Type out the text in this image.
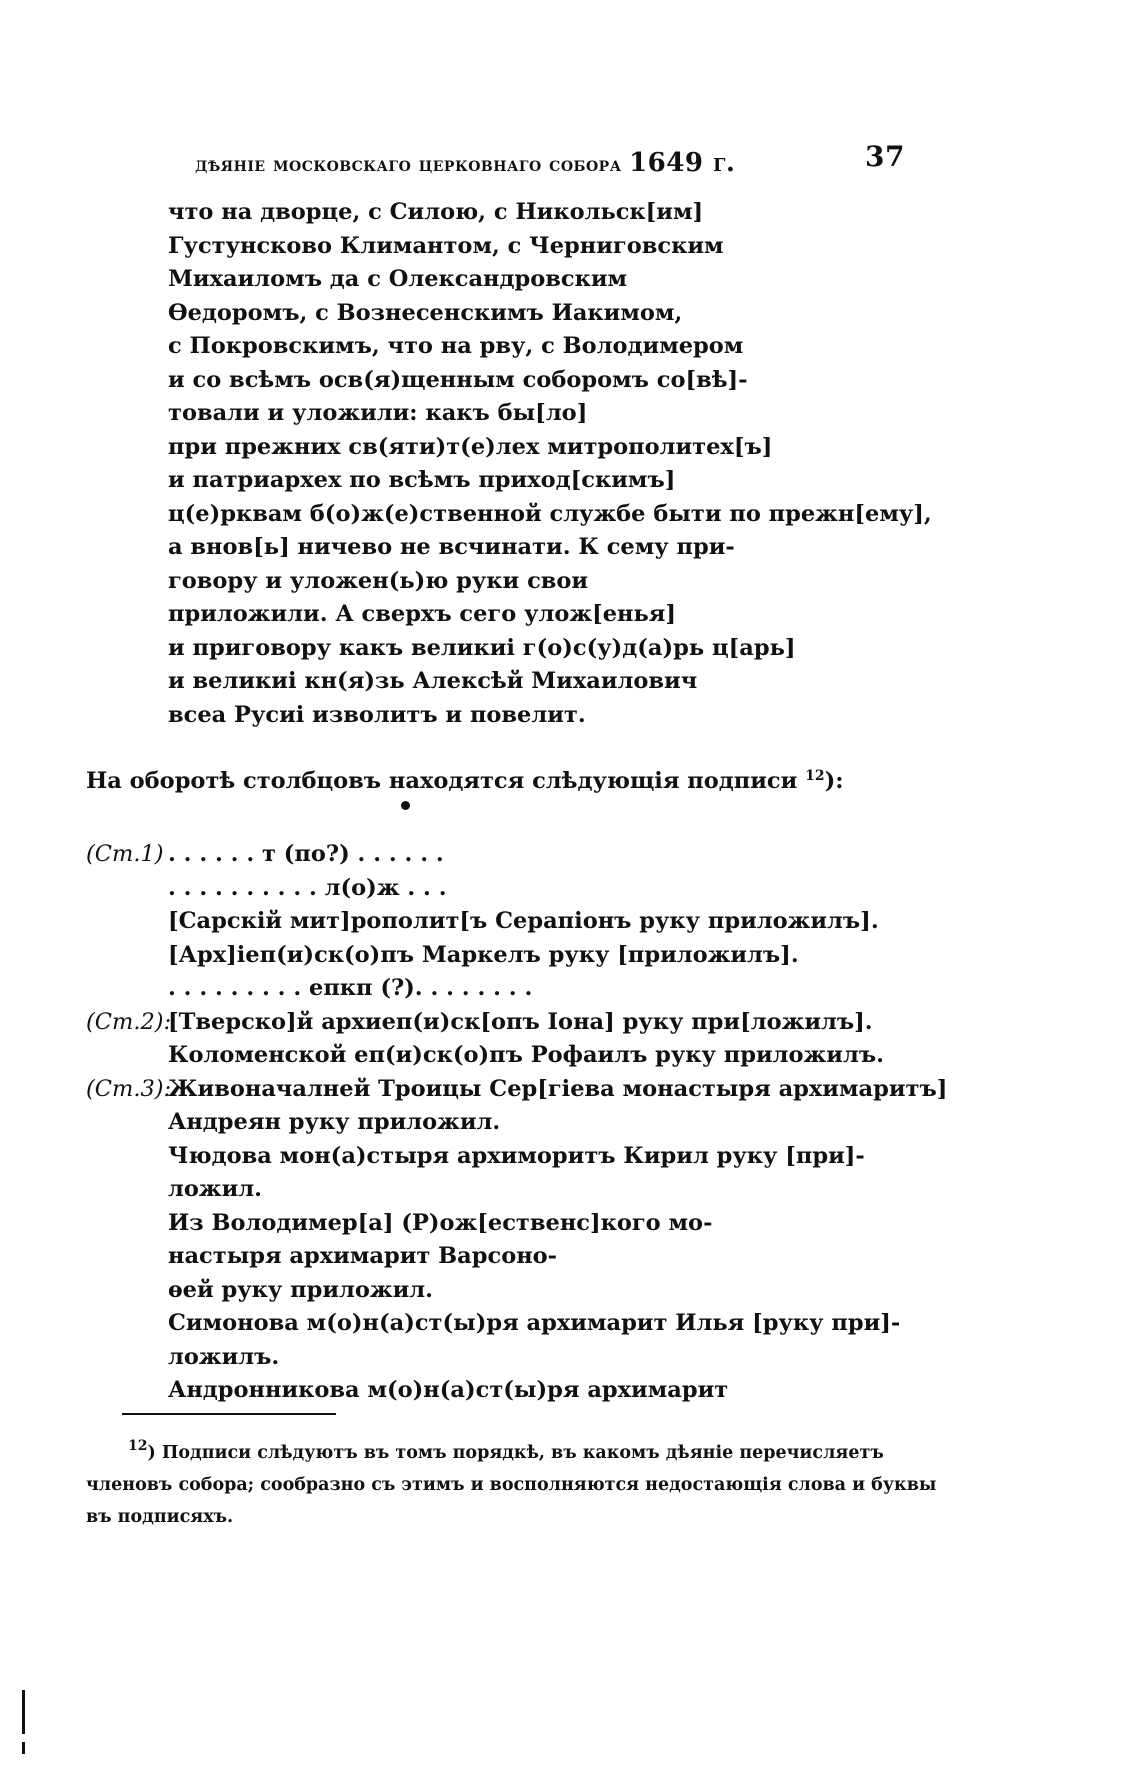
дѣяніе московскаго церковнаго собора 1649 г.	37
что на дворце, с Силою, с Никольск[им]
Густунсково Климантом, с Черниговским
Михаиломъ да с Олександровским
Ѳедоромъ, с Вознесенскимъ Иакимом,
с Покровскимъ, что на рву, с Володимером
и со всѣмъ осв(я)щенным соборомъ со[вѣ]-
товали и уложили: какъ бы[ло]
при прежних св(яти)т(е)лех митрополитех[ъ]
и патриархех по всѣмъ приход[скимъ]
ц(е)рквам б(о)ж(е)ственной службе быти по прежн[ему],
а внов[ь] ничево не всчинати. К сему при-
говору и уложен(ь)ю руки свои
приложили. А сверхъ сего улож[енья]
и приговору какъ великиі г(о)с(у)д(а)рь ц[арь]
и великиі кн(я)зь Алексѣй Михаилович
всеа Русиі изволитъ и повелит.
На оборотѣ столбцовъ находятся слѣдующія подписи $^{12}$):
(Ст.1) . . . . . . т (по?) . . . . . .
. . . . . . . . . . л(о)ж . . .
[Сарскій мит]рополит[ъ Серапіонъ руку приложилъ].
[Арх]іеп(и)ск(о)пъ Маркелъ руку [приложилъ].
. . . . . . . . . епкп (?). . . . . . . .
(Ст.2):
[Тверско]й архиеп(и)ск[опъ Іона] руку при[ложилъ].
Коломенской еп(и)ск(о)пъ Рофаилъ руку приложилъ.
(Ст.3):
Живоначалней Троицы Сер[гіева монастыря архимаритъ]
Андреян руку приложил.
Чюдова мон(а)стыря архиморитъ Кирил руку [при]-
ложил.
Из Володимер[а] (Р)ож[ественс]кого мо-
настыря архимарит Варсоно-
ѳей руку приложил.
Симонова м(о)н(а)ст(ы)ря архимарит Илья [руку при]-
ложилъ.
Андронникова м(о)н(а)ст(ы)ря архимарит
$^{12}$) Подписи слѣдуютъ въ томъ порядкѣ, въ какомъ дѣяніе перечисляетъ
членовъ собора; сообразно съ этимъ и восполняются недостающія слова и буквы
въ подписяхъ.
